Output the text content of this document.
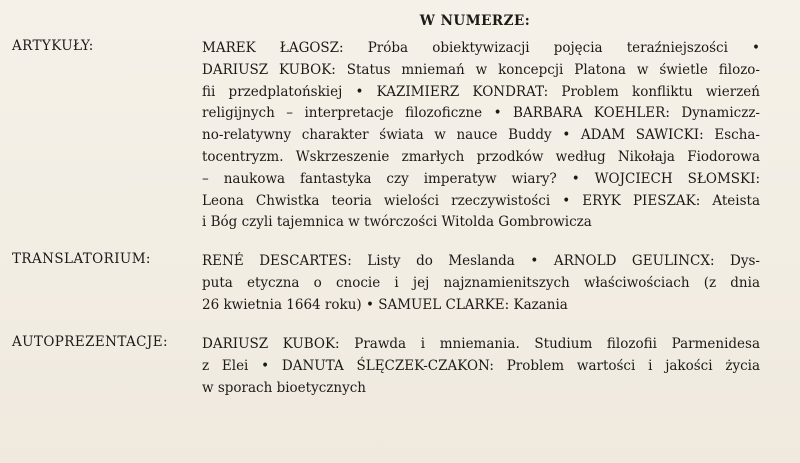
W NUMERZE:
ARTYKUŁY:	MAREK ŁAGOSZ: Próba obiektywizacji pojęcia teraźniejszości •
DARIUSZ KUBOK: Status mniemań w koncepcji Platona w świetle filozo-
fii przedplatońskiej • KAZIMIERZ KONDRAT: Problem konfliktu wierzeń
religijnych – interpretacje filozoficzne • BARBARA KOEHLER: Dynamiczz-
no-relatywny charakter świata w nauce Buddy • ADAM SAWICKI: Escha-
tocentryzm. Wskrzeszenie zmarłych przodków według Nikołaja Fiodorowa
– naukowa fantastyka czy imperatyw wiary? • WOJCIECH SŁOMSKI:
Leona Chwistka teoria wielości rzeczywistości • ERYK PIESZAK: Ateista
i Bóg czyli tajemnica w twórczości Witolda Gombrowicza
TRANSLATORIUM:	RENÉ DESCARTES: Listy do Meslanda • ARNOLD GEULINCX: Dys-
puta etyczna o cnocie i jej najznamienitszych właściwościach (z dnia
26 kwietnia 1664 roku) • SAMUEL CLARKE: Kazania
AUTOPREZENTACJE:	DARIUSZ KUBOK: Prawda i mniemania. Studium filozofii Parmenidesa
z Elei • DANUTA ŚLĘCZEK-CZAKON: Problem wartości i jakości życia
w sporach bioetycznych
